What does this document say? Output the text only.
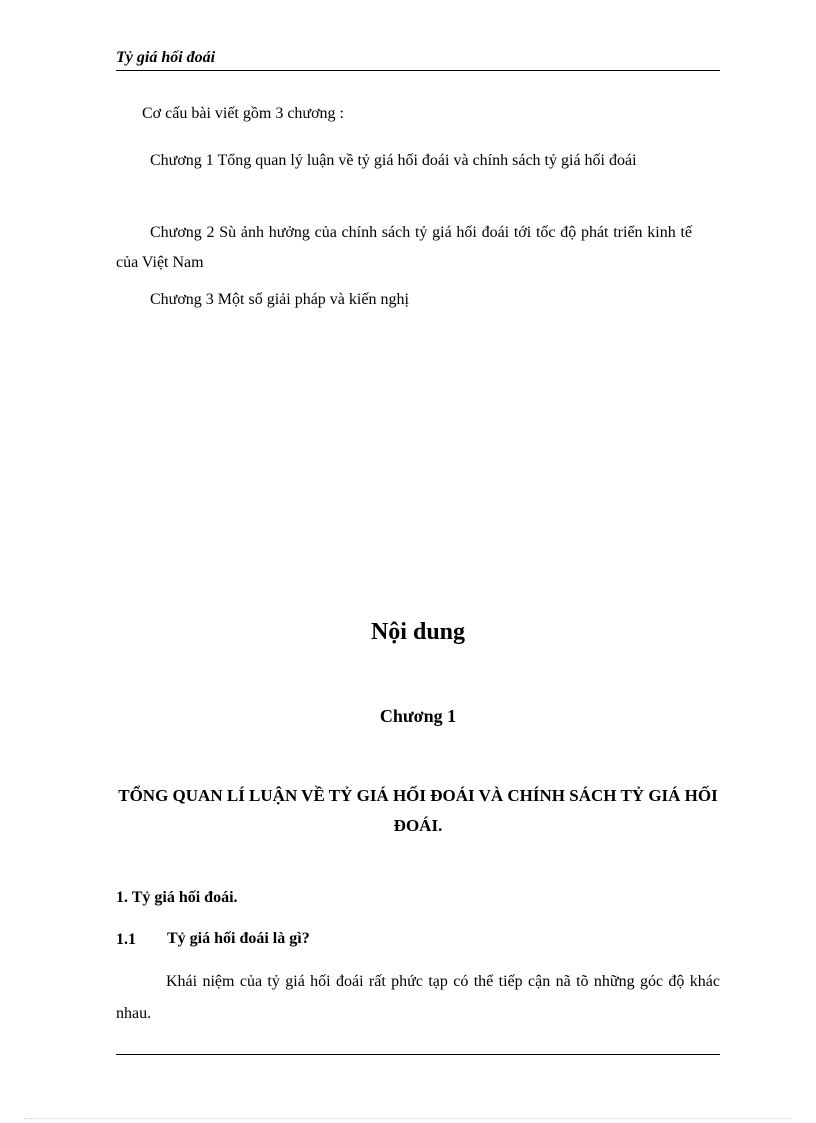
Tỷ giá hối đoái

Cơ cấu bài viết gồm 3 chương :

Chương 1 Tổng quan lý luận về tỷ giá hối đoái và chính sách tỷ giá hối đoái

Chương 2 Sù ảnh hưởng của chính sách tỷ giá hối đoái tới tốc độ phát triển kinh tế của Việt Nam

Chương 3 Một số giải pháp và kiến nghị

Nội dung
Chương 1
TỔNG QUAN LÍ LUẬN VỀ TỶ GIÁ HỐI ĐOÁI VÀ CHÍNH SÁCH TỶ GIÁ HỐI ĐOÁI.
1. Tỷ giá hối đoái.
1.1 Tỷ giá hối đoái là gì?

Khái niệm của tỷ giá hối đoái rất phức tạp có thể tiếp cận nã tõ những góc độ khác nhau.
